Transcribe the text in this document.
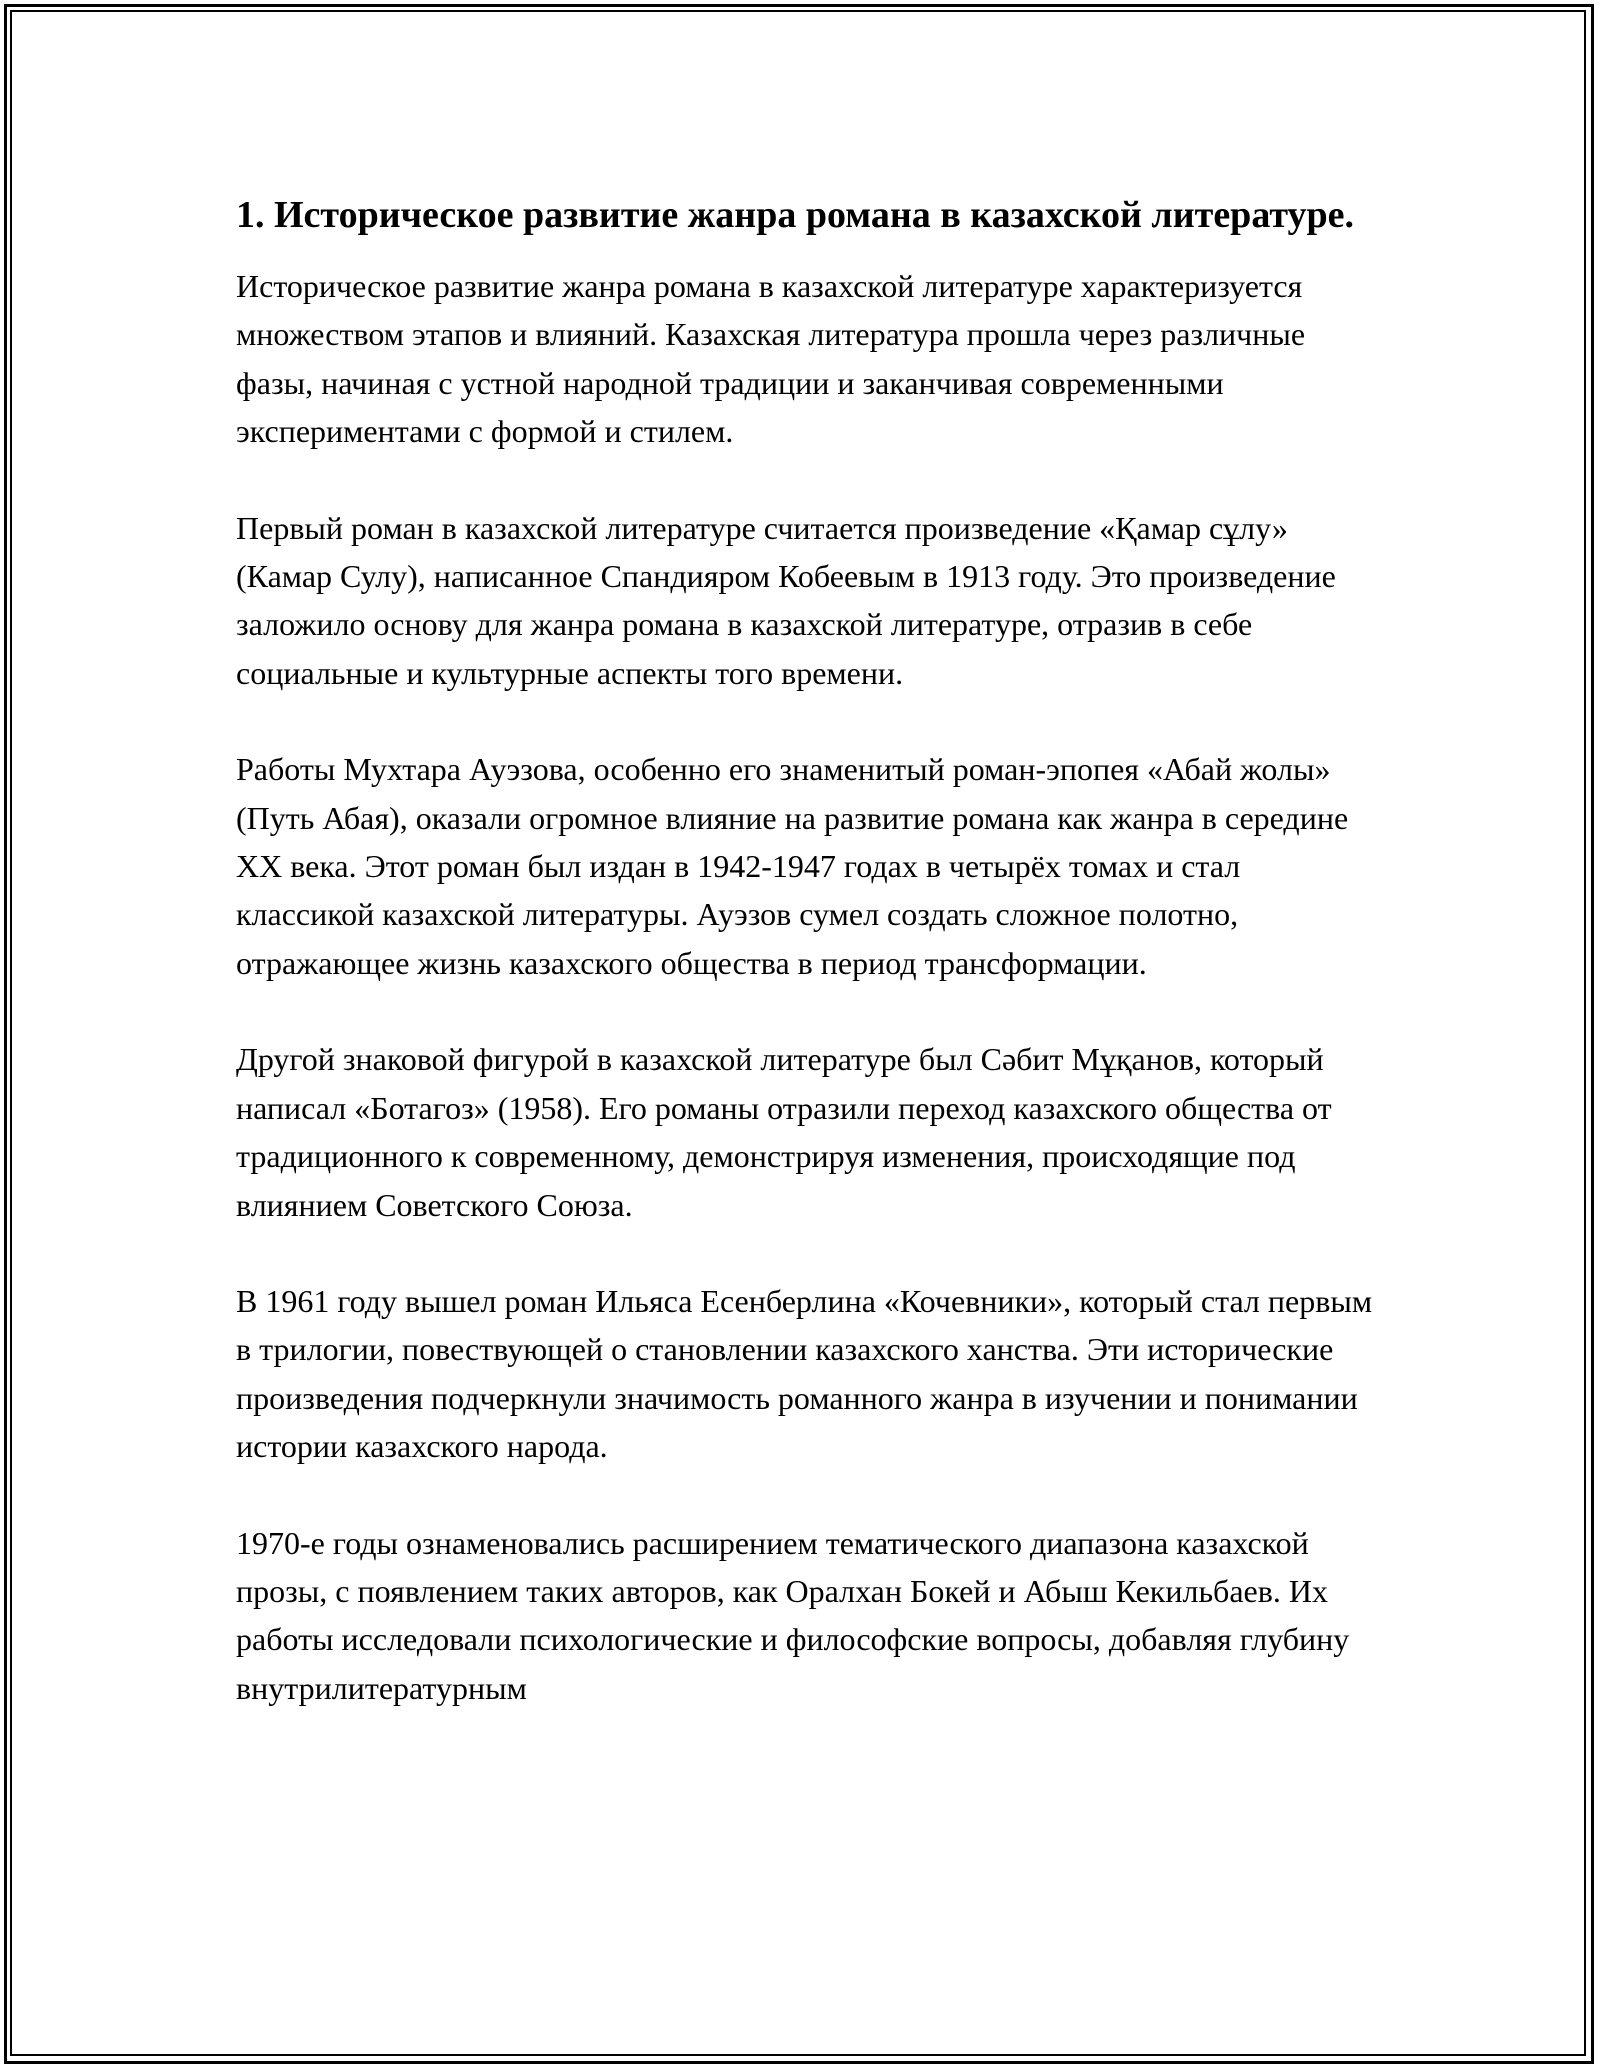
1. Историческое развитие жанра романа в казахской литературе.

Историческое развитие жанра романа в казахской литературе характеризуется множеством этапов и влияний. Казахская литература прошла через различные фазы, начиная с устной народной традиции и заканчивая современными экспериментами с формой и стилем.

Первый роман в казахской литературе считается произведение «Қамар сұлу» (Камар Сулу), написанное Спандияром Кобеевым в 1913 году. Это произведение заложило основу для жанра романа в казахской литературе, отразив в себе социальные и культурные аспекты того времени.

Работы Мухтара Ауэзова, особенно его знаменитый роман-эпопея «Абай жолы» (Путь Абая), оказали огромное влияние на развитие романа как жанра в середине XX века. Этот роман был издан в 1942-1947 годах в четырёх томах и стал классикой казахской литературы. Ауэзов сумел создать сложное полотно, отражающее жизнь казахского общества в период трансформации.

Другой знаковой фигурой в казахской литературе был Сәбит Мұқанов, который написал «Ботагоз» (1958). Его романы отразили переход казахского общества от традиционного к современному, демонстрируя изменения, происходящие под влиянием Советского Союза.

В 1961 году вышел роман Ильяса Есенберлина «Кочевники», который стал первым в трилогии, повествующей о становлении казахского ханства. Эти исторические произведения подчеркнули значимость романного жанра в изучении и понимании истории казахского народа.

1970-е годы ознаменовались расширением тематического диапазона казахской прозы, с появлением таких авторов, как Оралхан Бокей и Абыш Кекильбаев. Их работы исследовали психологические и философские вопросы, добавляя глубину внутрилитературным
